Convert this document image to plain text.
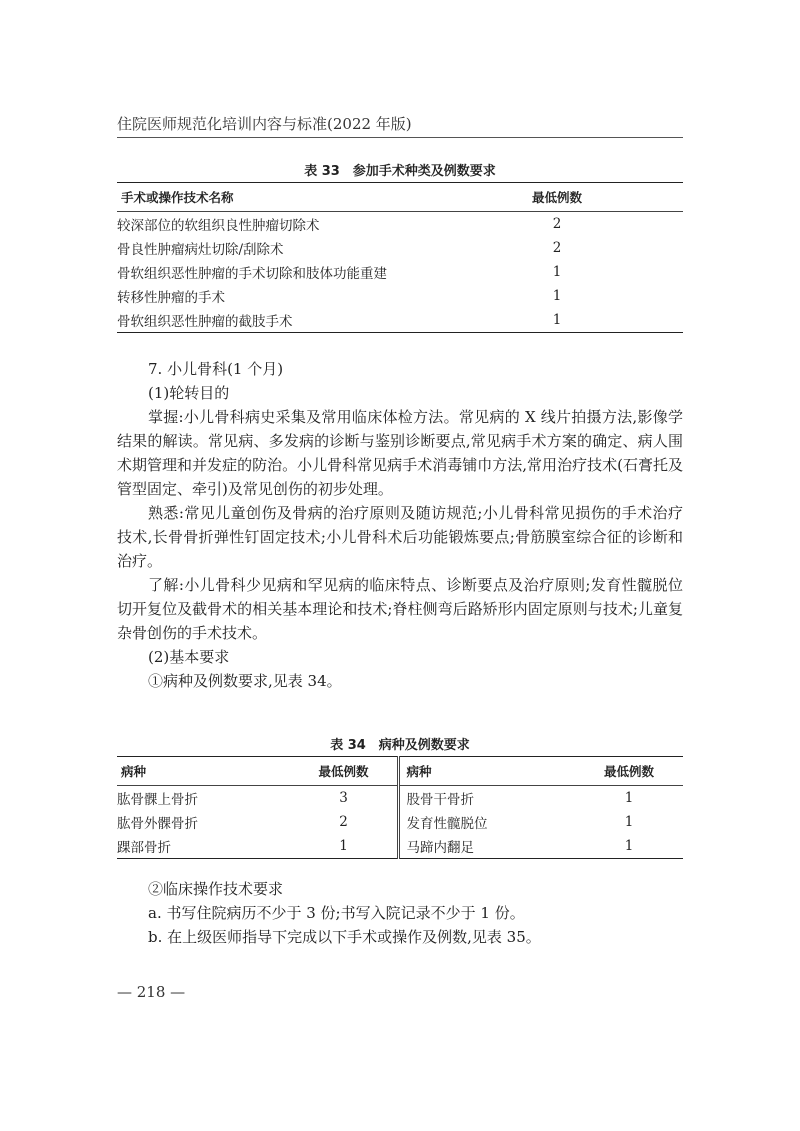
住院医师规范化培训内容与标准(2022 年版)
表 33　参加手术种类及例数要求
手术或操作技术名称	最低例数
较深部位的软组织良性肿瘤切除术	2
骨良性肿瘤病灶切除/刮除术	2
骨软组织恶性肿瘤的手术切除和肢体功能重建	1
转移性肿瘤的手术	1
骨软组织恶性肿瘤的截肢手术	1

7. 小儿骨科(1 个月)

(1)轮转目的

掌握:小儿骨科病史采集及常用临床体检方法。常见病的 X 线片拍摄方法,影像学结果的解读。常见病、多发病的诊断与鉴别诊断要点,常见病手术方案的确定、病人围术期管理和并发症的防治。小儿骨科常见病手术消毒铺巾方法,常用治疗技术(石膏托及管型固定、牵引)及常见创伤的初步处理。

熟悉:常见儿童创伤及骨病的治疗原则及随访规范;小儿骨科常见损伤的手术治疗技术,长骨骨折弹性钉固定技术;小儿骨科术后功能锻炼要点;骨筋膜室综合征的诊断和治疗。

了解:小儿骨科少见病和罕见病的临床特点、诊断要点及治疗原则;发育性髋脱位切开复位及截骨术的相关基本理论和技术;脊柱侧弯后路矫形内固定原则与技术;儿童复杂骨创伤的手术技术。

(2)基本要求

①病种及例数要求,见表 34。

表 34　病种及例数要求
病种	最低例数	病种	最低例数
肱骨髁上骨折	3	股骨干骨折	1
肱骨外髁骨折	2	发育性髋脱位	1
踝部骨折	1	马蹄内翻足	1

②临床操作技术要求

a. 书写住院病历不少于 3 份;书写入院记录不少于 1 份。

b. 在上级医师指导下完成以下手术或操作及例数,见表 35。

— 218 —
